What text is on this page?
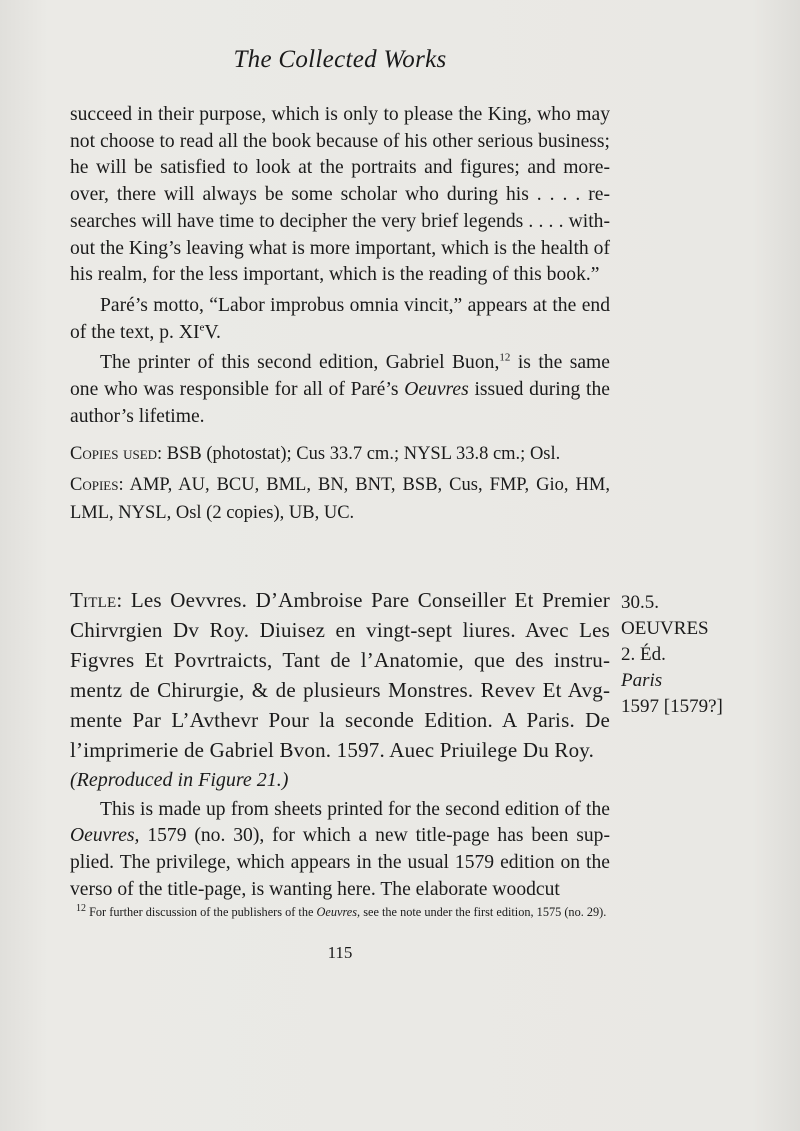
The Collected Works

succeed in their purpose, which is only to please the King, who may not choose to read all the book because of his other serious business; he will be satisfied to look at the portraits and figures; and moreover, there will always be some scholar who during his . . . . researches will have time to decipher the very brief legends . . . . without the King’s leaving what is more important, which is the health of his realm, for the less important, which is the reading of this book.”

Paré’s motto, “Labor improbus omnia vincit,” appears at the end of the text, p. XIeV.

The printer of this second edition, Gabriel Buon,$^{12}$ is the same one who was responsible for all of Paré’s Oeuvres issued during the author’s lifetime.

Copies used: BSB (photostat); Cus 33.7 cm.; NYSL 33.8 cm.; Osl.

Copies: AMP, AU, BCU, BML, BN, BNT, BSB, Cus, FMP, Gio, HM, LML, NYSL, Osl (2 copies), UB, UC.

Title: Les Oevvres. D’Ambroise Pare Conseiller Et Premier Chirvrgien Dv Roy. Diuisez en vingt-sept liures. Avec Les Figvres Et Povrtraicts, Tant de l’Anatomie, que des instrumentz de Chirurgie, & de plusieurs Monstres. Revev Et Avgmente Par L’Avthevr Pour la seconde Edition. A Paris. De l’imprimerie de Gabriel Bvon. 1597. Auec Priuilege Du Roy.

(Reproduced in Figure 21.)

This is made up from sheets printed for the second edition of the Oeuvres, 1579 (no. 30), for which a new title-page has been supplied. The privilege, which appears in the usual 1579 edition on the verso of the title-page, is wanting here. The elaborate woodcut

30.5.
OEUVRES
2. Éd.
Paris
1597 [1579?]
$^{12}$ For further discussion of the publishers of the Oeuvres, see the note under the first edition, 1575 (no. 29).
115
